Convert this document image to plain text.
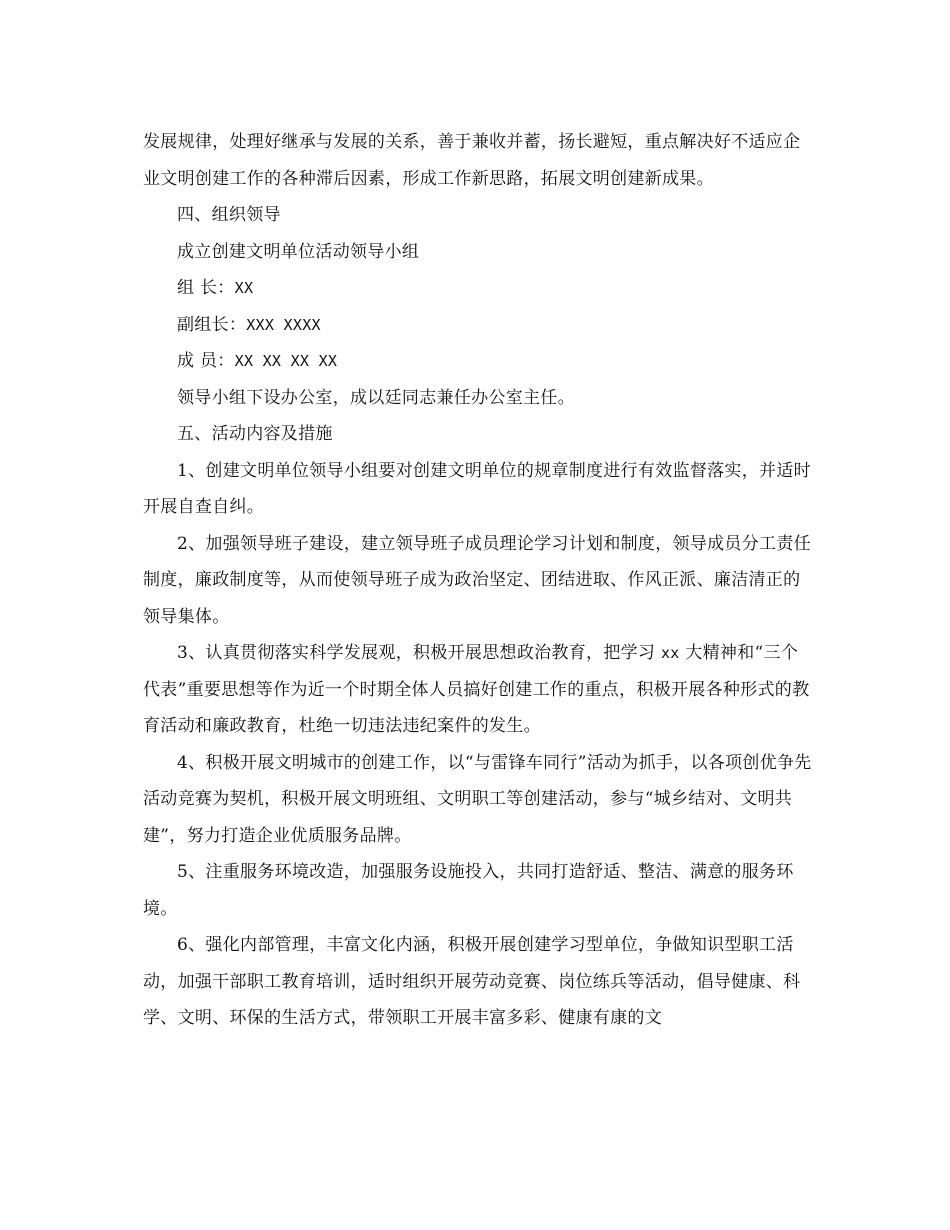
发展规律，处理好继承与发展的关系，善于兼收并蓄，扬长避短，重点解决好不适应企业文明创建工作的各种滞后因素，形成工作新思路，拓展文明创建新成果。

四、组织领导

成立创建文明单位活动领导小组

组 长：XX

副组长：XXX XXXX

成 员：XX XX XX XX

领导小组下设办公室，成以廷同志兼任办公室主任。

五、活动内容及措施

1、创建文明单位领导小组要对创建文明单位的规章制度进行有效监督落实，并适时开展自查自纠。

2、加强领导班子建设，建立领导班子成员理论学习计划和制度，领导成员分工责任制度，廉政制度等，从而使领导班子成为政治坚定、团结进取、作风正派、廉洁清正的领导集体。

3、认真贯彻落实科学发展观，积极开展思想政治教育，把学习 xx 大精神和“三个代表”重要思想等作为近一个时期全体人员搞好创建工作的重点，积极开展各种形式的教育活动和廉政教育，杜绝一切违法违纪案件的发生。

4、积极开展文明城市的创建工作，以“与雷锋车同行”活动为抓手，以各项创优争先活动竞赛为契机，积极开展文明班组、文明职工等创建活动，参与“城乡结对、文明共建”，努力打造企业优质服务品牌。

5、注重服务环境改造，加强服务设施投入，共同打造舒适、整洁、满意的服务环境。

6、强化内部管理，丰富文化内涵，积极开展创建学习型单位，争做知识型职工活动，加强干部职工教育培训，适时组织开展劳动竞赛、岗位练兵等活动，倡导健康、科学、文明、环保的生活方式，带领职工开展丰富多彩、健康有康的文
